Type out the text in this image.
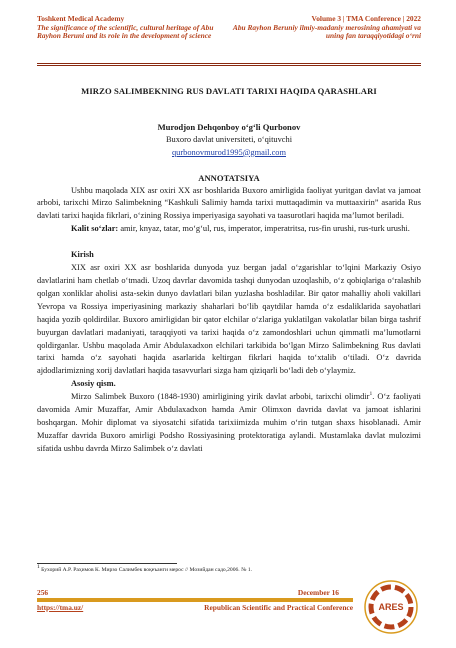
Toshkent Medical Academy
The significance of the scientific, cultural heritage of Abu Rayhon Beruni and its role in the development of science
Volume 3 | TMA Conference | 2022
Abu Rayhon Beruniy ilmiy-madaniy merosining ahamiyati va uning fan taraqqiyotidagi o‘rni
MIRZO SALIMBEKNING RUS DAVLATI TARIXI HAQIDA QARASHLARI
Murodjon Dehqonboy o‘g‘li Qurbonov
Buxoro davlat universiteti, o‘qituvchi
qurbonovmurod1995@gmail.com
ANNOTATSIYA

Ushbu maqolada XIX asr oxiri XX asr boshlarida Buxoro amirligida faoliyat yuritgan davlat va jamoat arbobi, tarixchi Mirzo Salimbekning “Kashkuli Salimiy hamda tarixi muttaqadimin va muttaaxirin” asarida Rus davlati tarixi haqida fikrlari, o‘zining Rossiya imperiyasiga sayohati va taasurotlari haqida ma’lumot beriladi.

Kalit so‘zlar: amir, knyaz, tatar, mo‘g‘ul, rus, imperator, imperatritsa, rus-fin urushi, rus-turk urushi.

Kirish

XIX asr oxiri XX asr boshlarida dunyoda yuz bergan jadal o‘zgarishlar to‘lqini Markaziy Osiyo davlatlarini ham chetlab o‘tmadi. Uzoq davrlar davomida tashqi dunyodan uzoqlashib, o‘z qobiqlariga o‘ralashib qolgan xonliklar aholisi asta-sekin dunyo davlatlari bilan yuzlasha boshladilar. Bir qator mahalliy aholi vakillari Yevropa va Rossiya imperiyasining markaziy shaharlari bo‘lib qaytdilar hamda o‘z esdaliklarida sayohatlari haqida yozib qoldirdilar. Buxoro amirligidan bir qator elchilar o‘zlariga yuklatilgan vakolatlar bilan birga tashrif buyurgan davlatlari madaniyati, taraqqiyoti va tarixi haqida o‘z zamondoshlari uchun qimmatli ma’lumotlarni qoldirganlar. Ushbu maqolada Amir Abdulaxadxon elchilari tarkibida bo‘lgan Mirzo Salimbekning Rus davlati tarixi hamda o‘z sayohati haqida asarlarida keltirgan fikrlari haqida to‘xtalib o‘tiladi. O‘z davrida ajdodlarimizning xorij davlatlari haqida tasavvurlari sizga ham qiziqarli bo‘ladi deb o‘ylaymiz.

Asosiy qism.

Mirzo Salimbek Buxoro (1848-1930) amirligining yirik davlat arbobi, tarixchi olimdir$^1$. O‘z faoliyati davomida Amir Muzaffar, Amir Abdulaxadxon hamda Amir Olimxon davrida davlat va jamoat ishlarini boshqargan. Mohir diplomat va siyosatchi sifatida tarixiimizda muhim o‘rin tutgan shaxs hisoblanadi. Amir Muzaffar davrida Buxoro amirligi Podsho Rossiyasining protektoratiga aylandi. Mustamlaka davlat mulozimi sifatida ushbu davrda Mirzo Salimbek o‘z davlati

$^1$ Бухорий А.Р. Раҳимов К. Мирзо Салимбек воқеъанги мерос // Мозийдан садо,2006. № 1.
256	December 16
https://tma.uz/	Republican Scientific and Practical Conference	ARES
